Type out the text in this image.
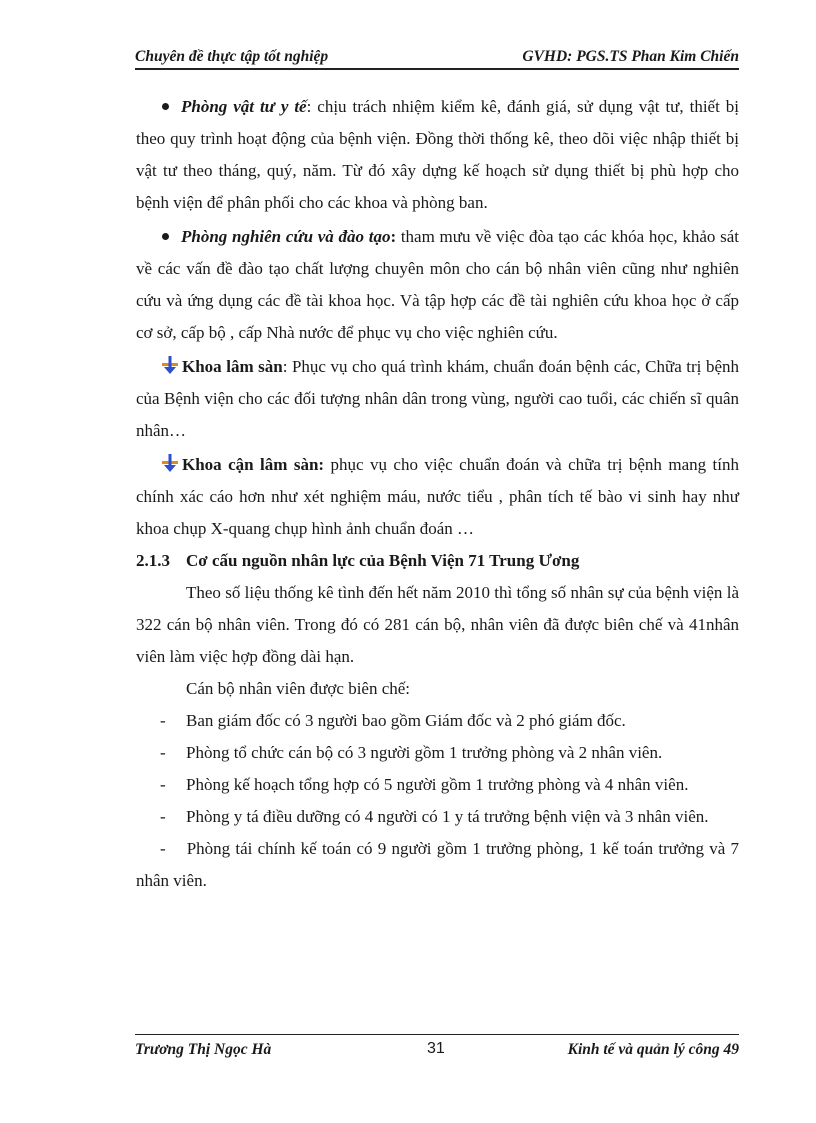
Chuyên đề thực tập tốt nghiệp	GVHD: PGS.TS Phan Kim Chiến

Phòng vật tư y tế: chịu trách nhiệm kiểm kê, đánh giá, sử dụng vật tư, thiết bị theo quy trình hoạt động của bệnh viện. Đồng thời thống kê, theo dõi việc nhập thiết bị vật tư theo tháng, quý, năm. Từ đó xây dựng kế hoạch sử dụng thiết bị phù hợp cho bệnh viện để phân phối cho các khoa và phòng ban.

Phòng nghiên cứu và đào tạo: tham mưu về việc đòa tạo các khóa học, khảo sát về các vấn đề đào tạo chất lượng chuyên môn cho cán bộ nhân viên cũng như nghiên cứu và ứng dụng các đề tài khoa học. Và tập hợp các đề tài nghiên cứu khoa học ở cấp cơ sở, cấp bộ , cấp Nhà nước để phục vụ cho việc nghiên cứu.

Khoa lâm sàn: Phục vụ cho quá trình khám, chuẩn đoán bệnh các, Chữa trị bệnh của Bệnh viện cho các đối tượng nhân dân trong vùng, người cao tuổi, các chiến sĩ quân nhân…

Khoa cận lâm sàn: phục vụ cho việc chuẩn đoán và chữa trị bệnh mang tính chính xác cáo hơn như xét nghiệm máu, nước tiểu , phân tích tế bào vi sinh hay như khoa chụp X-quang chụp hình ảnh chuẩn đoán …

2.1.3 Cơ cấu nguồn nhân lực của Bệnh Viện 71 Trung Ương

Theo số liệu thống kê tình đến hết năm 2010 thì tổng số nhân sự của bệnh viện là 322 cán bộ nhân viên. Trong đó có 281 cán bộ, nhân viên đã được biên chế và 41nhân viên làm việc hợp đồng dài hạn.

Cán bộ nhân viên được biên chế:

- Ban giám đốc có 3 người bao gồm Giám đốc và 2 phó giám đốc.

- Phòng tổ chức cán bộ có 3 người gồm 1 trưởng phòng và 2 nhân viên.

- Phòng kế hoạch tổng hợp có 5 người gồm 1 trưởng phòng và 4 nhân viên.

- Phòng y tá điều dưỡng có 4 người có 1 y tá trưởng bệnh viện và 3 nhân viên.

- Phòng tái chính kế toán có 9 người gồm 1 trưởng phòng, 1 kế toán trưởng và 7 nhân viên.

Trương Thị Ngọc Hà	31	Kinh tế và quản lý công 49
